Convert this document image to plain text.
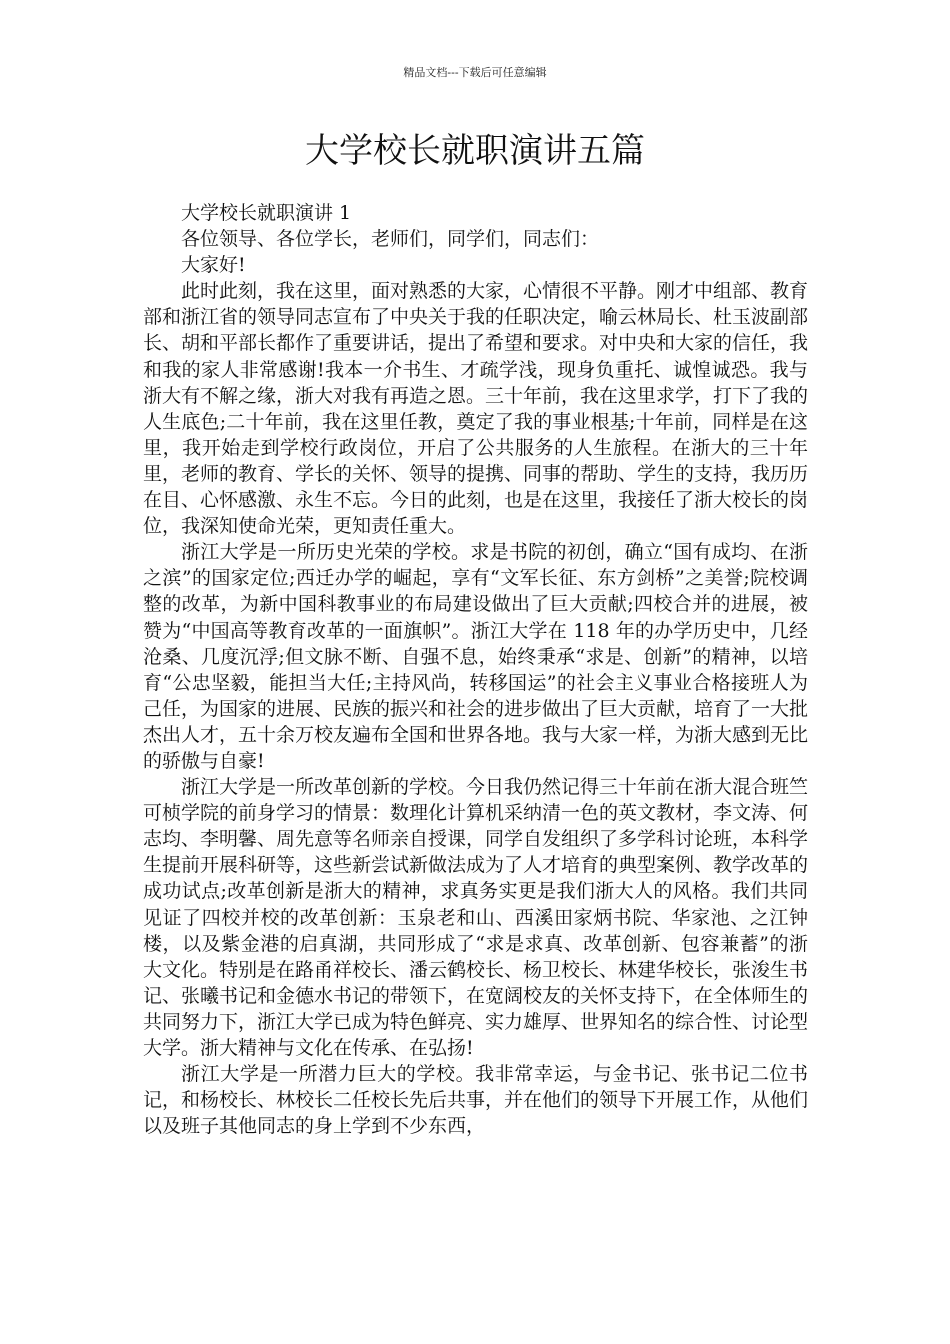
精品文档---下载后可任意编辑
大学校长就职演讲五篇

大学校长就职演讲 1

各位领导、各位学长，老师们，同学们，同志们：

大家好!

此时此刻，我在这里，面对熟悉的大家，心情很不平静。刚才中组部、教育部和浙江省的领导同志宣布了中央关于我的任职决定，喻云林局长、杜玉波副部长、胡和平部长都作了重要讲话，提出了希望和要求。对中央和大家的信任，我和我的家人非常感谢!我本一介书生、才疏学浅，现身负重托、诚惶诚恐。我与浙大有不解之缘，浙大对我有再造之恩。三十年前，我在这里求学，打下了我的人生底色;二十年前，我在这里任教，奠定了我的事业根基;十年前，同样是在这里，我开始走到学校行政岗位，开启了公共服务的人生旅程。在浙大的三十年里，老师的教育、学长的关怀、领导的提携、同事的帮助、学生的支持，我历历在目、心怀感激、永生不忘。今日的此刻，也是在这里，我接任了浙大校长的岗位，我深知使命光荣，更知责任重大。

浙江大学是一所历史光荣的学校。求是书院的初创，确立“国有成均、在浙之滨”的国家定位;西迁办学的崛起，享有“文军长征、东方剑桥”之美誉;院校调整的改革，为新中国科教事业的布局建设做出了巨大贡献;四校合并的进展，被赞为“中国高等教育改革的一面旗帜”。浙江大学在 118 年的办学历史中，几经沧桑、几度沉浮;但文脉不断、自强不息，始终秉承“求是、创新”的精神，以培育“公忠坚毅，能担当大任;主持风尚，转移国运”的社会主义事业合格接班人为己任，为国家的进展、民族的振兴和社会的进步做出了巨大贡献，培育了一大批杰出人才，五十余万校友遍布全国和世界各地。我与大家一样，为浙大感到无比的骄傲与自豪!

浙江大学是一所改革创新的学校。今日我仍然记得三十年前在浙大混合班竺可桢学院的前身学习的情景：数理化计算机采纳清一色的英文教材，李文涛、何志均、李明馨、周先意等名师亲自授课，同学自发组织了多学科讨论班，本科学生提前开展科研等，这些新尝试新做法成为了人才培育的典型案例、教学改革的成功试点;改革创新是浙大的精神，求真务实更是我们浙大人的风格。我们共同见证了四校并校的改革创新：玉泉老和山、西溪田家炳书院、华家池、之江钟楼，以及紫金港的启真湖，共同形成了“求是求真、改革创新、包容兼蓄”的浙大文化。特别是在路甬祥校长、潘云鹤校长、杨卫校长、林建华校长，张浚生书记、张曦书记和金德水书记的带领下，在宽阔校友的关怀支持下，在全体师生的共同努力下，浙江大学已成为特色鲜亮、实力雄厚、世界知名的综合性、讨论型大学。浙大精神与文化在传承、在弘扬!

浙江大学是一所潜力巨大的学校。我非常幸运，与金书记、张书记二位书记，和杨校长、林校长二任校长先后共事，并在他们的领导下开展工作，从他们以及班子其他同志的身上学到不少东西，
